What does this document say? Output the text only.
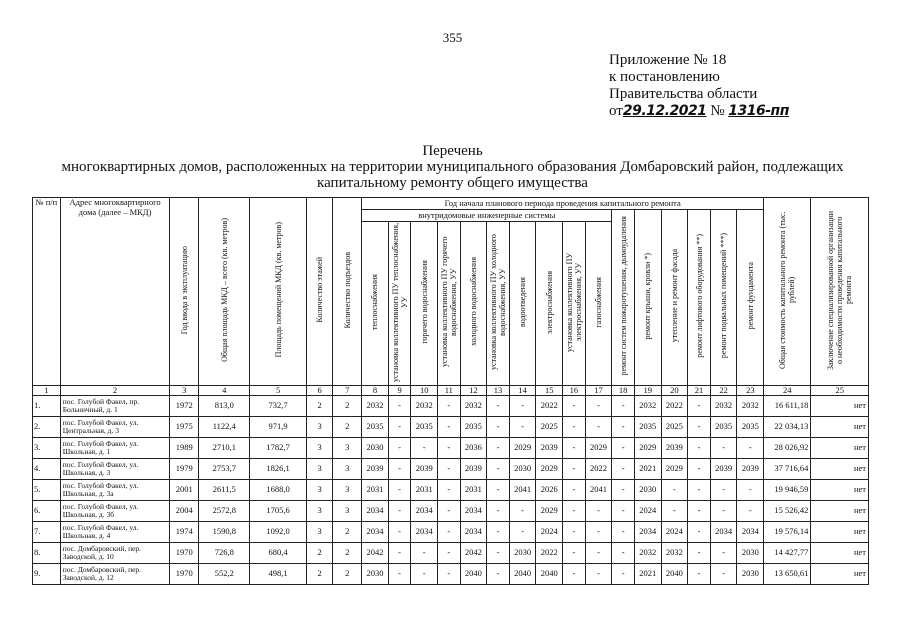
355
Приложение № 18
к постановлению
Правительства области
от29.12.2021 № 1316-пп
Перечень
многоквартирных домов, расположенных на территории муниципального образования Домбаровский район, подлежащих
капитальному ремонту общего имущества
№ п/п	Адрес многоквартирного дома (далее – МКД)	Год ввода в эксплуатацию	Общая площадь МКД – всего (кв. метров)	Площадь помещений МКД (кв. метров)	Количество этажей	Количество подъездов	Год начала планового периода проведения капитального ремонта																Общая стоимость капитального ремонта (тыс. рублей)	Заключение специализированной организации о необходимости проведения капитального ремонта
							внутридомовые инженерные системы										ремонт систем пожаротушения, дымоудаления	ремонт крыши, кровли *)	утепление и ремонт фасада	ремонт лифтового оборудования **)	ремонт подвальных помещений ***)	ремонт фундамента		
							теплоснабжения	установка коллективного ПУ теплоснабжения, УУ	горячего водоснабжения	установка коллективного ПУ горячего водоснабжения, УУ	холодного водоснабжения	установка коллективного ПУ холодного водоснабжения, УУ	водоотведения	электроснабжения	установка коллективного ПУ электроснабжения, УУ	газоснабжения								
1	2	3	4	5	6	7	8	9	10	11	12	13	14	15	16	17	18	19	20	21	22	23	24	25
1.	пос. Голубой Факел, пр. Больничный, д. 1	1972	813,0	732,7	2	2	2032	-	2032	-	2032	-	-	2022	-	-	-	2032	2022	-	2032	2032	16 611,18	нет
2.	пос. Голубой Факел, ул. Центральная, д. 3	1975	1122,4	971,9	3	2	2035	-	2035	-	2035	-	-	2025	-	-	-	2035	2025	-	2035	2035	22 034,13	нет
3.	пос. Голубой Факел, ул. Школьная, д. 1	1989	2710,1	1782,7	3	3	2030	-	-	-	2036	-	2029	2039	-	2029	-	2029	2039	-	-	-	28 026,92	нет
4.	пос. Голубой Факел, ул. Школьная, д. 3	1979	2753,7	1826,1	3	3	2039	-	2039	-	2039	-	2030	2029	-	2022	-	2021	2029	-	2039	2039	37 716,64	нет
5.	пос. Голубой Факел, ул. Школьная, д. 3а	2001	2611,5	1688,0	3	3	2031	-	2031	-	2031	-	2041	2026	-	2041	-	2030	-	-	-	-	19 946,59	нет
6.	пос. Голубой Факел, ул. Школьная, д. 3б	2004	2572,8	1705,6	3	3	2034	-	2034	-	2034	-	-	2029	-	-	-	2024	-	-	-	-	15 526,42	нет
7.	пос. Голубой Факел, ул. Школьная, д. 4	1974	1590,8	1092,0	3	2	2034	-	2034	-	2034	-	-	2024	-	-	-	2034	2024	-	2034	2034	19 576,14	нет
8.	пос. Домбаровский, пер. Заводской, д. 10	1970	726,8	680,4	2	2	2042	-	-	-	2042	-	2030	2022	-	-	-	2032	2032	-	-	2030	14 427,77	нет
9.	пос. Домбаровский, пер. Заводской, д. 12	1970	552,2	498,1	2	2	2030	-	-	-	2040	-	2040	2040	-	-	-	2021	2040	-	-	2030	13 650,61	нет
